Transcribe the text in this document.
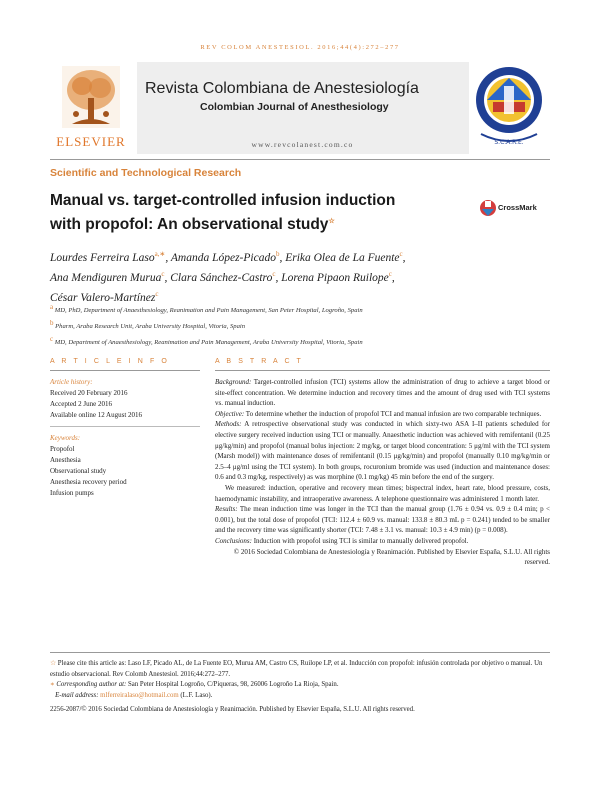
REV COLOM ANESTESIOL. 2016;44(4):272–277
ELSEVIER
Revista Colombiana de Anestesiología
Colombian Journal of Anesthesiology
www.revcolanest.com.co	S.C.A.R.E.
Scientific and Technological Research
Manual vs. target-controlled infusion induction
with propofol: An observational study☆
CrossMark
Lourdes Ferreira Laso$^{a,∗}$, Amanda López-Picado$^b$, Erika Olea de La Fuente$^c$,
Ana Mendiguren Murua$^c$, Clara Sánchez-Castro$^c$, Lorena Pipaon Ruilope$^c$,
César Valero-Martínez$^c$
a MD, PhD, Department of Anaesthesiology, Reanimation and Pain Management, San Peter Hospital, Logroño, Spain
b Pharm, Araba Research Unit, Araba University Hospital, Vitoria, Spain
c MD, Department of Anaesthesiology, Reanimation and Pain Management, Araba University Hospital, Vitoria, Spain
A R T I C L E I N F O	A B S T R A C T
Article history:
Received 20 February 2016
Accepted 2 June 2016
Available online 12 August 2016
Keywords:
Propofol
Anesthesia
Observational study
Anesthesia recovery period
Infusion pumps

Background: Target-controlled infusion (TCI) systems allow the administration of drug to achieve a target blood or site-effect concentration. We determine induction and recovery times and the amount of drug used with TCI systems vs. manual induction.

Objective: To determine whether the induction of propofol TCI and manual infusion are two comparable techniques.

Methods: A retrospective observational study was conducted in which sixty-two ASA I–II patients scheduled for elective surgery received induction using TCI or manually. Anaesthetic induction was achieved with remifentanil (0.25 μg/kg/min) and propofol (manual bolus injection: 2 mg/kg, or target blood concentration: 5 μg/ml with the TCI system (Marsh model)) with maintenance doses of remifentanil (0.15 μg/kg/min) and propofol (manually 0.10 mg/kg/min or 2.5–4 μg/ml using the TCI system). In both groups, rocuronium bromide was used (induction and maintenance doses: 0.6 and 0.3 mg/kg, respectively) as was morphine (0.1 mg/kg) 45 min before the end of the surgery.

We measured: induction, operative and recovery mean times; bispectral index, heart rate, blood pressure, costs, haemodynamic instability, and intraoperative awareness. A telephone questionnaire was administered 1 month later.

Results: The mean induction time was longer in the TCI than the manual group (1.76 ± 0.94 vs. 0.9 ± 0.4 min; p < 0.001), but the total dose of propofol (TCI: 112.4 ± 60.9 vs. manual: 133.8 ± 80.3 mL p = 0.241) tended to be smaller and the recovery time was significantly shorter (TCI: 7.48 ± 3.1 vs. manual: 10.3 ± 4.9 min) (p = 0.008).

Conclusions: Induction with propofol using TCI is similar to manually delivered propofol.

© 2016 Sociedad Colombiana de Anestesiología y Reanimación. Published by Elsevier España, S.L.U. All rights reserved.

☆ Please cite this article as: Laso LF, Picado AL, de La Fuente EO, Murua AM, Castro CS, Ruilope LP, et al. Inducción con propofol: infusión controlada por objetivo o manual. Un estudio observacional. Rev Colomb Anestesiol. 2016;44:272–277.

∗ Corresponding author at: San Peter Hospital Logroño, C/Piqueras, 98, 26006 Logroño La Rioja, Spain.

E-mail address: mlferreiralaso@hotmail.com (L.F. Laso).

2256-2087/© 2016 Sociedad Colombiana de Anestesiología y Reanimación. Published by Elsevier España, S.L.U. All rights reserved.
